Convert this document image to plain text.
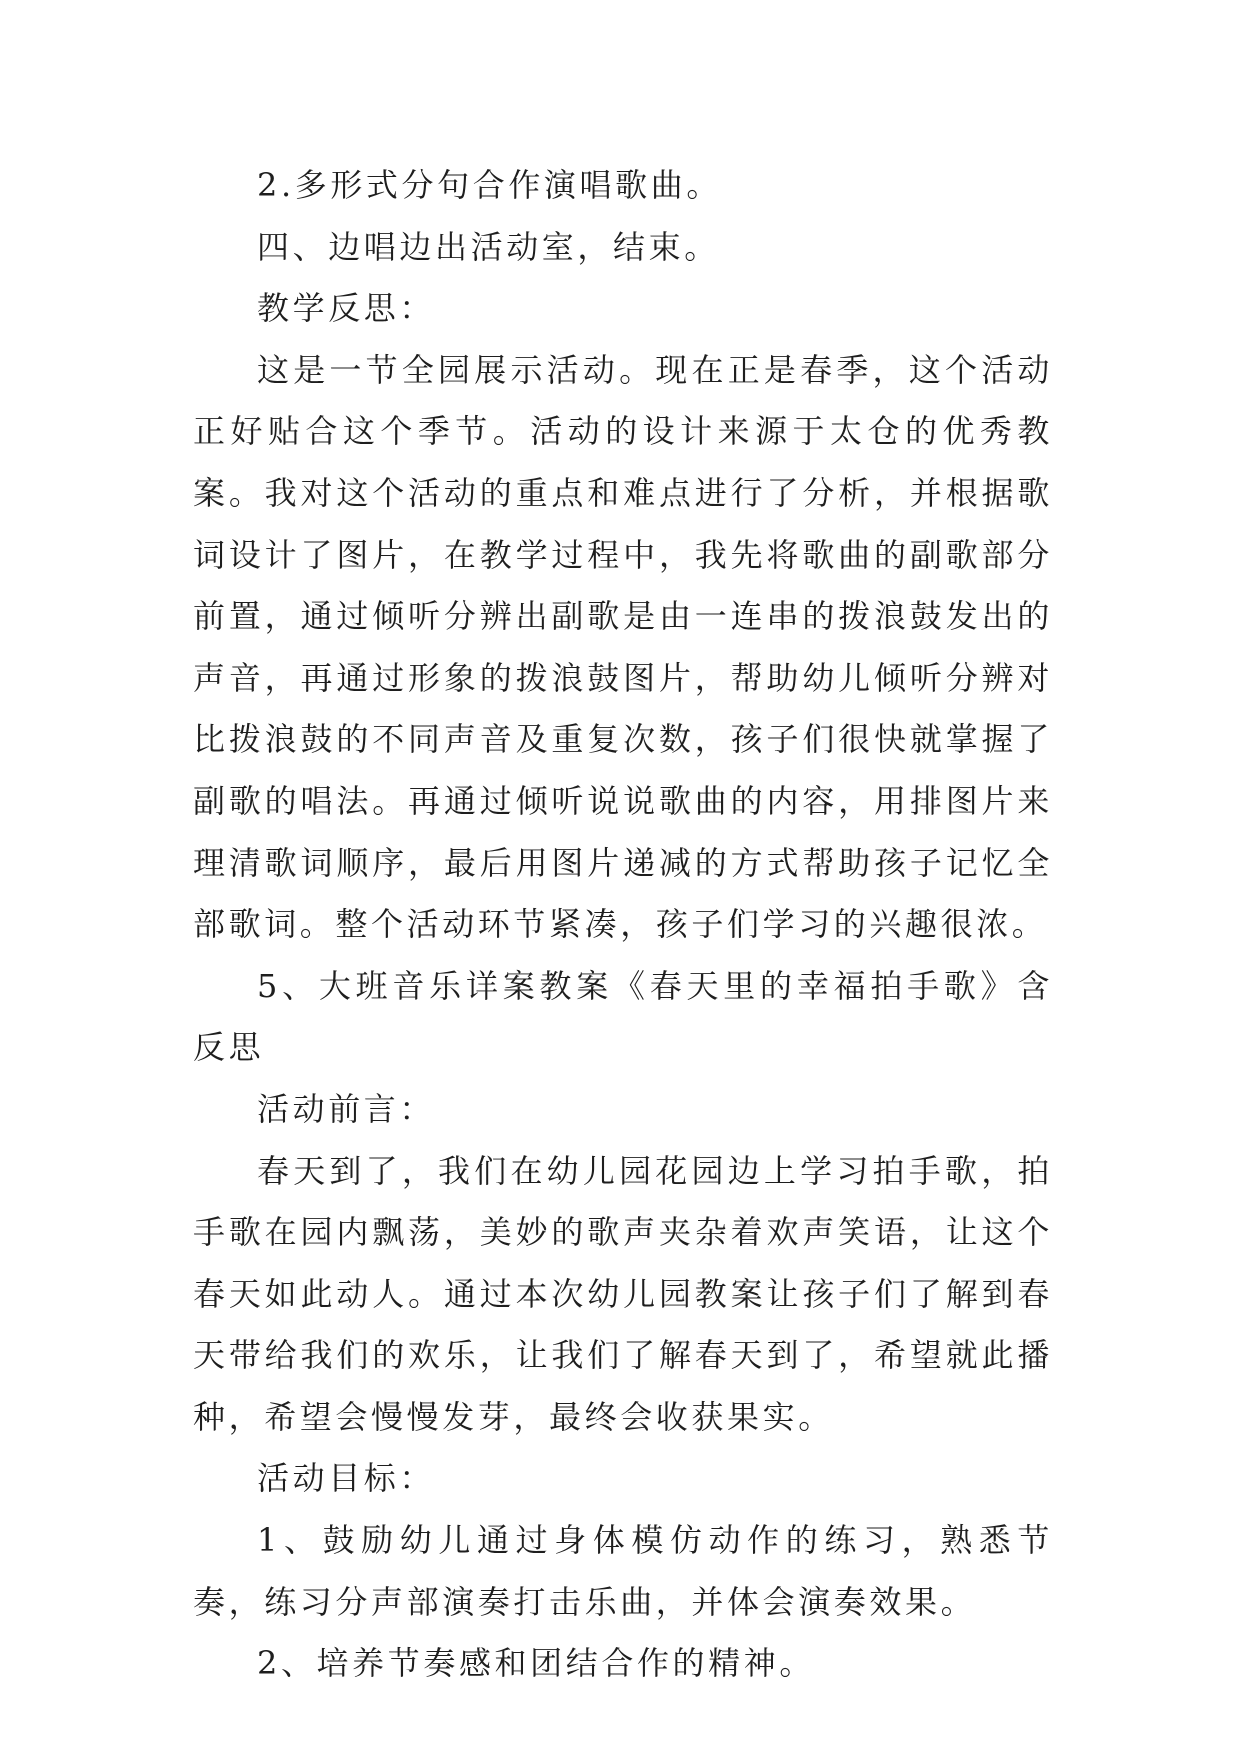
2.多形式分句合作演唱歌曲。

四、边唱边出活动室，结束。

教学反思：

这是一节全园展示活动。现在正是春季，这个活动正好贴合这个季节。活动的设计来源于太仓的优秀教案。我对这个活动的重点和难点进行了分析，并根据歌词设计了图片，在教学过程中，我先将歌曲的副歌部分前置，通过倾听分辨出副歌是由一连串的拨浪鼓发出的声音，再通过形象的拨浪鼓图片，帮助幼儿倾听分辨对比拨浪鼓的不同声音及重复次数，孩子们很快就掌握了副歌的唱法。再通过倾听说说歌曲的内容，用排图片来理清歌词顺序，最后用图片递减的方式帮助孩子记忆全部歌词。整个活动环节紧凑，孩子们学习的兴趣很浓。

5、大班音乐详案教案《春天里的幸福拍手歌》含反思

活动前言：

春天到了，我们在幼儿园花园边上学习拍手歌，拍手歌在园内飘荡，美妙的歌声夹杂着欢声笑语，让这个春天如此动人。通过本次幼儿园教案让孩子们了解到春天带给我们的欢乐，让我们了解春天到了，希望就此播种，希望会慢慢发芽，最终会收获果实。

活动目标：

1、鼓励幼儿通过身体模仿动作的练习，熟悉节奏，练习分声部演奏打击乐曲，并体会演奏效果。

2、培养节奏感和团结合作的精神。
